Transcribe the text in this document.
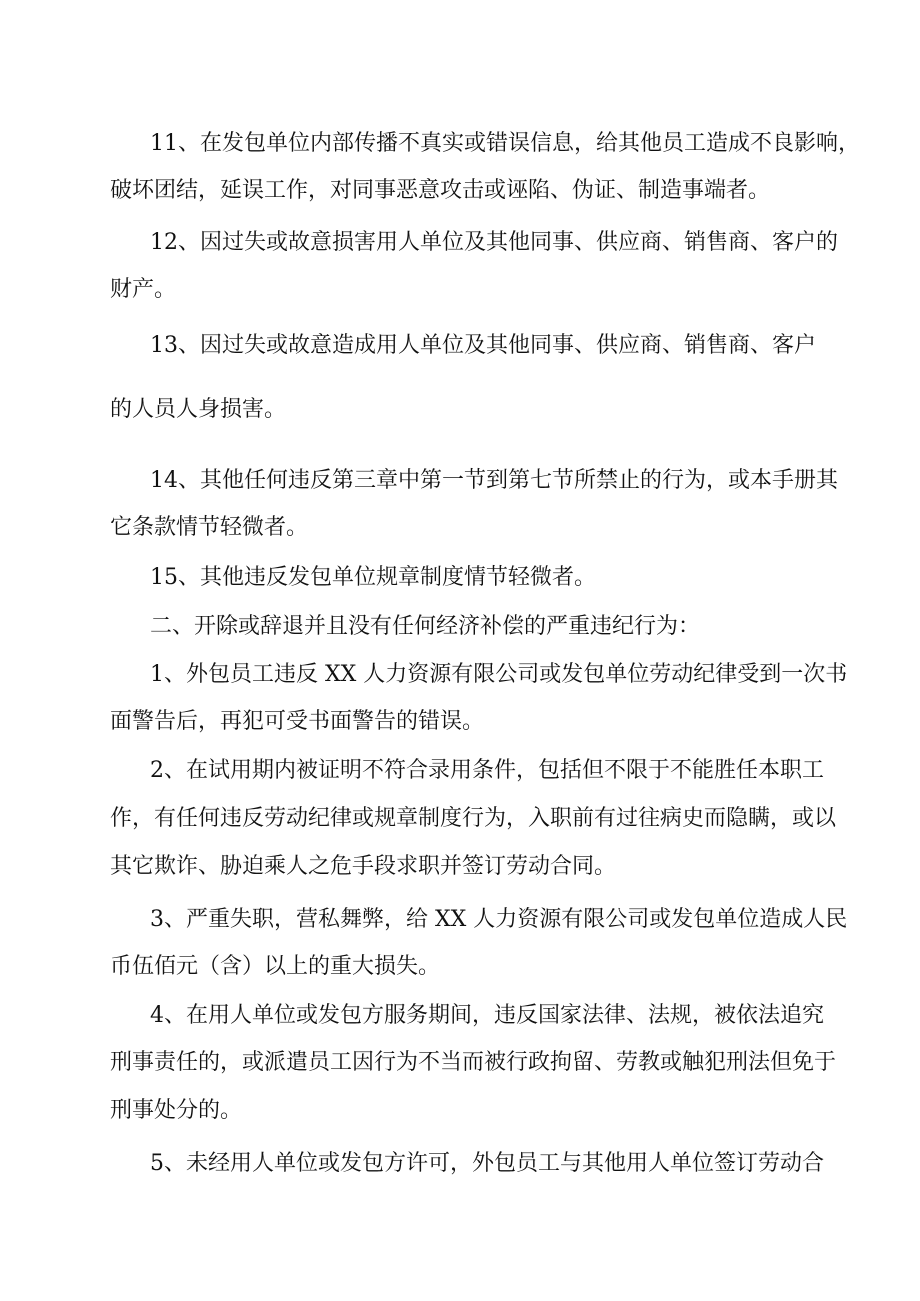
11、在发包单位内部传播不真实或错误信息，给其他员工造成不良影响，
破坏团结，延误工作，对同事恶意攻击或诬陷、伪证、制造事端者。
12、因过失或故意损害用人单位及其他同事、供应商、销售商、客户的
财产。
13、因过失或故意造成用人单位及其他同事、供应商、销售商、客户
的人员人身损害。
14、其他任何违反第三章中第一节到第七节所禁止的行为，或本手册其
它条款情节轻微者。
15、其他违反发包单位规章制度情节轻微者。
二、开除或辞退并且没有任何经济补偿的严重违纪行为：
1、外包员工违反 XX 人力资源有限公司或发包单位劳动纪律受到一次书
面警告后，再犯可受书面警告的错误。
2、在试用期内被证明不符合录用条件，包括但不限于不能胜任本职工
作，有任何违反劳动纪律或规章制度行为，入职前有过往病史而隐瞒，或以
其它欺诈、胁迫乘人之危手段求职并签订劳动合同。
3、严重失职，营私舞弊，给 XX 人力资源有限公司或发包单位造成人民
币伍佰元（含）以上的重大损失。
4、在用人单位或发包方服务期间，违反国家法律、法规，被依法追究
刑事责任的，或派遣员工因行为不当而被行政拘留、劳教或触犯刑法但免于
刑事处分的。
5、未经用人单位或发包方许可，外包员工与其他用人单位签订劳动合
